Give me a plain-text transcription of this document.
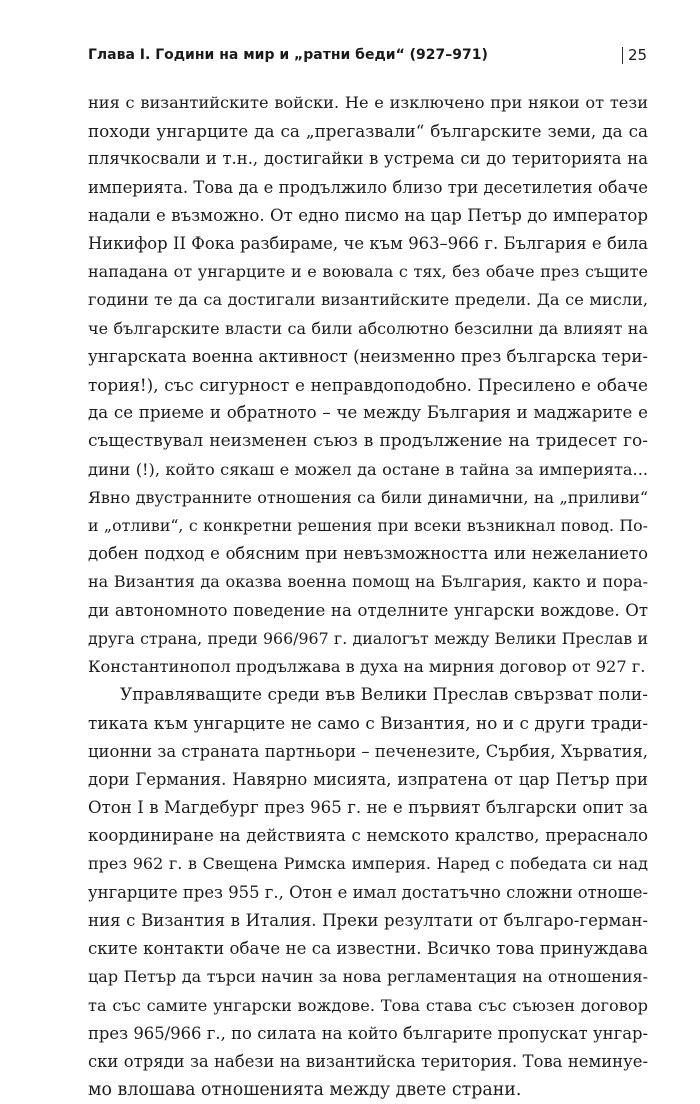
Глава I. Години на мир и „ратни беди“ (927–971)	25

ния с византийските войски. Не е изключено при някои от тези
походи унгарците да са „прегазвали“ българските земи, да са
плячкосвали и т.н., достигайки в устрема си до територията на
империята. Това да е продължило близо три десетилетия обаче
надали е възможно. От едно писмо на цар Петър до император
Никифор II Фока разбираме, че към 963–966 г. България е била
нападана от унгарците и е воювала с тях, без обаче през същите
години те да са достигали византийските предели. Да се мисли,
че българските власти са били абсолютно безсилни да влияят на
унгарската военна активност (неизменно през българска тери-
тория!), със сигурност е неправдоподобно. Пресилено е обаче
да се приеме и обратното – че между България и маджарите е
съществувал неизменен съюз в продължение на тридесет го-
дини (!), който сякаш е можел да остане в тайна за империята...
Явно двустранните отношения са били динамични, на „приливи“
и „отливи“, с конкретни решения при всеки възникнал повод. По-
добен подход е обясним при невъзможността или нежеланието
на Византия да оказва военна помощ на България, както и пора-
ди автономното поведение на отделните унгарски вождове. От
друга страна, преди 966/967 г. диалогът между Велики Преслав и
Константинопол продължава в духа на мирния договор от 927 г.

Управляващите среди във Велики Преслав свързват поли-
тиката към унгарците не само с Византия, но и с други тради-
ционни за страната партньори – печенезите, Сърбия, Хърватия,
дори Германия. Навярно мисията, изпратена от цар Петър при
Отон I в Магдебург през 965 г. не е първият български опит за
координиране на действията с немското кралство, прераснало
през 962 г. в Свещена Римска империя. Наред с победата си над
унгарците през 955 г., Отон е имал достатъчно сложни отноше-
ния с Византия в Италия. Преки резултати от българо-герман-
ските контакти обаче не са известни. Всичко това принуждава
цар Петър да търси начин за нова регламентация на отношения-
та със самите унгарски вождове. Това става със съюзен договор
през 965/966 г., по силата на който българите пропускат унгар-
ски отряди за набези на византийска територия. Това неминуе-
мо влошава отношенията между двете страни.
